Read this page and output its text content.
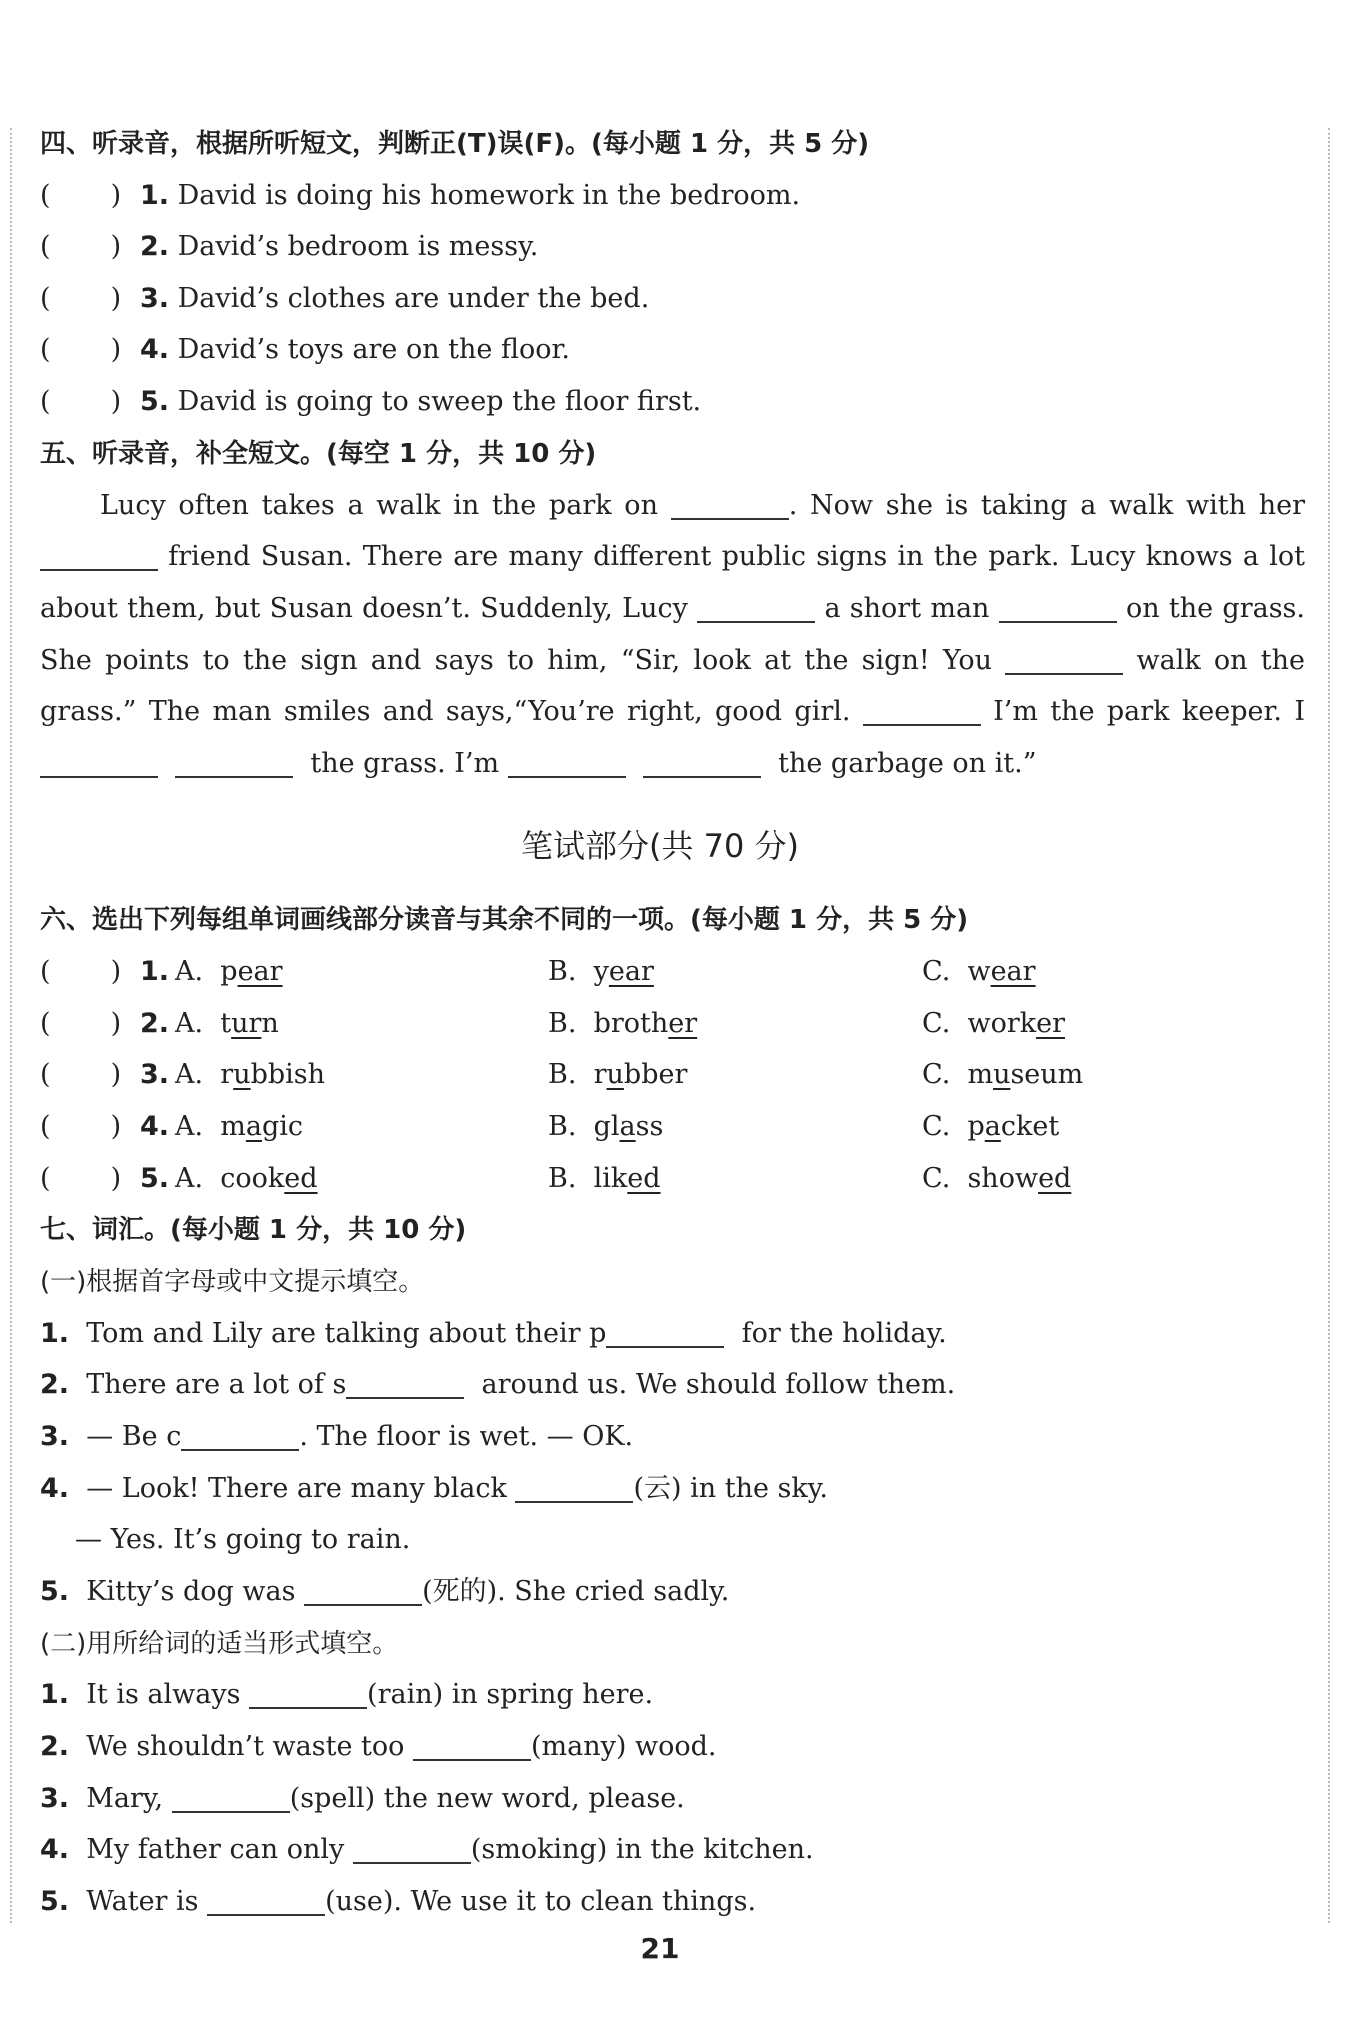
四、听录音，根据所听短文，判断正(T)误(F)。(每小题 1 分，共 5 分)
(       ) 1. David is doing his homework in the bedroom.
(       ) 2. David’s bedroom is messy.
(       ) 3. David’s clothes are under the bed.
(       ) 4. David’s toys are on the floor.
(       ) 5. David is going to sweep the floor first.
五、听录音，补全短文。(每空 1 分，共 10 分)
Lucy often takes a walk in the park on	. Now she is taking a walk with her
friend Susan. There are many different public signs in the park. Lucy knows a lot
about them, but Susan doesn’t. Suddenly, Lucy	a short man	on the grass.
She points to the sign and says to him, “Sir, look at the sign! You	walk on the
grass.” The man smiles and says,“You’re right, good girl.	I’m the park keeper. I
the grass. I’m	the garbage on it.”
笔试部分(共 70 分)
六、选出下列每组单词画线部分读音与其余不同的一项。(每小题 1 分，共 5 分)
(       ) 1. A. pear	B. year	C. wear
(       ) 2. A. turn	B. brother	C. worker
(       ) 3. A. rubbish	B. rubber	C. museum
(       ) 4. A. magic	B. glass	C. packet
(       ) 5. A. cooked	B. liked	C. showed
七、词汇。(每小题 1 分，共 10 分)
(一)根据首字母或中文提示填空。
1. Tom and Lily are talking about their p	for the holiday.
2. There are a lot of s	around us. We should follow them.
3. — Be c	. The floor is wet. — OK.
4. — Look! There are many black	(云) in the sky.
— Yes. It’s going to rain.
5. Kitty’s dog was	(死的). She cried sadly.
(二)用所给词的适当形式填空。
1. It is always	(rain) in spring here.
2. We shouldn’t waste too	(many) wood.
3. Mary,	(spell) the new word, please.
4. My father can only	(smoking) in the kitchen.
5. Water is	(use). We use it to clean things.
21
